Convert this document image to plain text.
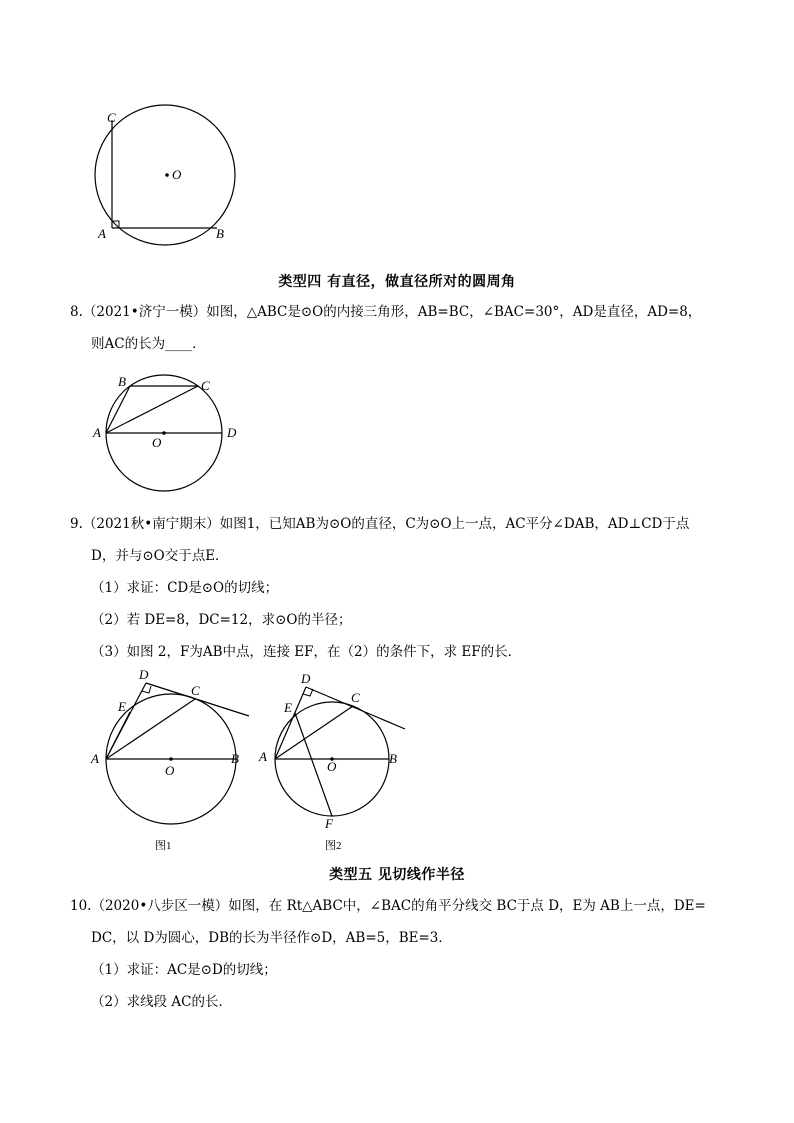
C
O
A	B
类型四 有直径，做直径所对的圆周角
8.（2021•济宁一模）如图，△ABC是⊙O的内接三角形，AB=BC，∠BAC=30°，AD是直径，AD=8，
则AC的长为____．
B	C
A	D
O
9.（2021秋•南宁期末）如图1，已知AB为⊙O的直径，C为⊙O上一点，AC平分∠DAB，AD⊥CD于点
D，并与⊙O交于点E．
（1）求证：CD是⊙O的切线；
（2）若 DE=8，DC=12，求⊙O的半径；
（3）如图 2，F为AB中点，连接 EF，在（2）的条件下，求 EF的长．
D
E
C
A	B
O
图1
D
E
C
A	B
O
F
图2
类型五 见切线作半径
10.（2020•八步区一模）如图，在 Rt△ABC中，∠BAC的角平分线交 BC于点 D，E为 AB上一点，DE=
DC，以 D为圆心，DB的长为半径作⊙D，AB=5，BE=3．
（1）求证：AC是⊙D的切线；
（2）求线段 AC的长．
